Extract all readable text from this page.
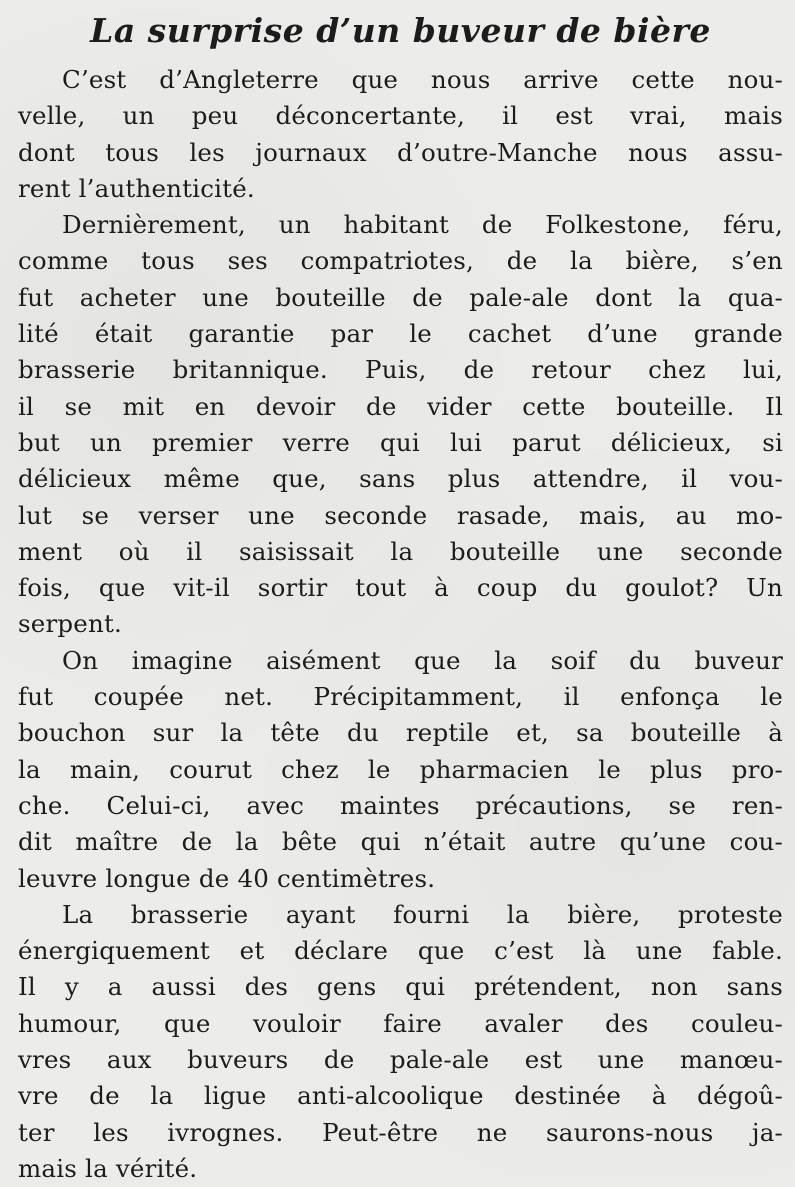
La surprise d’un buveur de bière
C’est d’Angleterre que nous arrive cette nou-
velle, un peu déconcertante, il est vrai, mais
dont tous les journaux d’outre-Manche nous assu-
rent l’authenticité.
Dernièrement, un habitant de Folkestone, féru,
comme tous ses compatriotes, de la bière, s’en
fut acheter une bouteille de pale-ale dont la qua-
lité était garantie par le cachet d’une grande
brasserie britannique. Puis, de retour chez lui,
il se mit en devoir de vider cette bouteille. Il
but un premier verre qui lui parut délicieux, si
délicieux même que, sans plus attendre, il vou-
lut se verser une seconde rasade, mais, au mo-
ment où il saisissait la bouteille une seconde
fois, que vit-il sortir tout à coup du goulot? Un
serpent.
On imagine aisément que la soif du buveur
fut coupée net. Précipitamment, il enfonça le
bouchon sur la tête du reptile et, sa bouteille à
la main, courut chez le pharmacien le plus pro-
che. Celui-ci, avec maintes précautions, se ren-
dit maître de la bête qui n’était autre qu’une cou-
leuvre longue de 40 centimètres.
La brasserie ayant fourni la bière, proteste
énergiquement et déclare que c’est là une fable.
Il y a aussi des gens qui prétendent, non sans
humour, que vouloir faire avaler des couleu-
vres aux buveurs de pale-ale est une manœu-
vre de la ligue anti-alcoolique destinée à dégoû-
ter les ivrognes. Peut-être ne saurons-nous ja-
mais la vérité.
